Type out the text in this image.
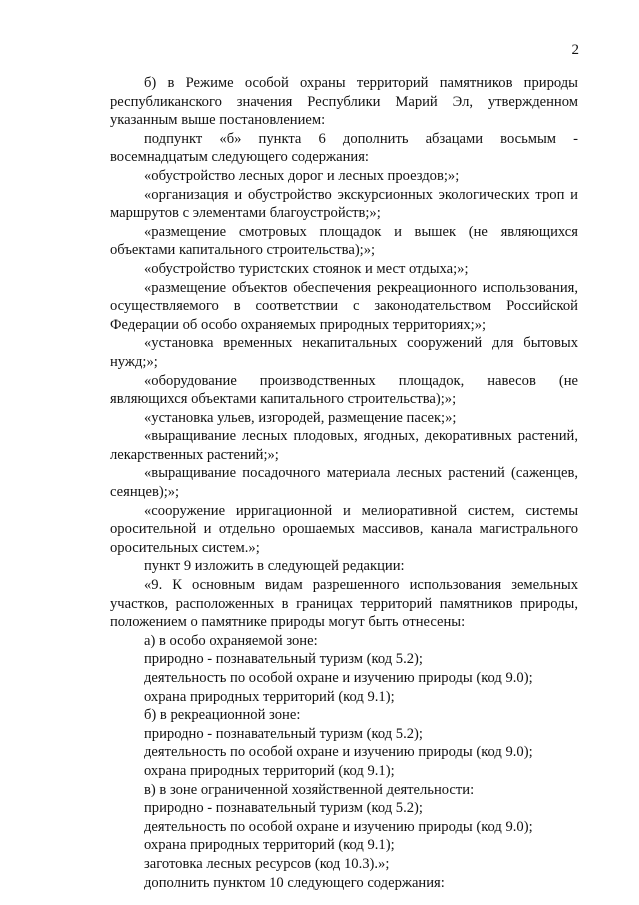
2

б) в Режиме особой охраны территорий памятников природы республиканского значения Республики Марий Эл, утвержденном указанным выше постановлением:

подпункт «б» пункта 6 дополнить абзацами восьмым - восемнадцатым следующего содержания:

«обустройство лесных дорог и лесных проездов;»;

«организация и обустройство экскурсионных экологических троп и маршрутов с элементами благоустройств;»;

«размещение смотровых площадок и вышек (не являющихся объектами капитального строительства);»;

«обустройство туристских стоянок и мест отдыха;»;

«размещение объектов обеспечения рекреационного использования, осуществляемого в соответствии с законодательством Российской Федерации об особо охраняемых природных территориях;»;

«установка временных некапитальных сооружений для бытовых нужд;»;

«оборудование производственных площадок, навесов (не являющихся объектами капитального строительства);»;

«установка ульев, изгородей, размещение пасек;»;

«выращивание лесных плодовых, ягодных, декоративных растений, лекарственных растений;»;

«выращивание посадочного материала лесных растений (саженцев, сеянцев);»;

«сооружение ирригационной и мелиоративной систем, системы оросительной и отдельно орошаемых массивов, канала магистрального оросительных систем.»;

пункт 9 изложить в следующей редакции:

«9. К основным видам разрешенного использования земельных участков, расположенных в границах территорий памятников природы, положением о памятнике природы могут быть отнесены:

а) в особо охраняемой зоне:

природно - познавательный туризм (код 5.2);

деятельность по особой охране и изучению природы (код 9.0);

охрана природных территорий (код 9.1);

б) в рекреационной зоне:

природно - познавательный туризм (код 5.2);

деятельность по особой охране и изучению природы (код 9.0);

охрана природных территорий (код 9.1);

в) в зоне ограниченной хозяйственной деятельности:

природно - познавательный туризм (код 5.2);

деятельность по особой охране и изучению природы (код 9.0);

охрана природных территорий (код 9.1);

заготовка лесных ресурсов (код 10.3).»;

дополнить пунктом 10 следующего содержания:
